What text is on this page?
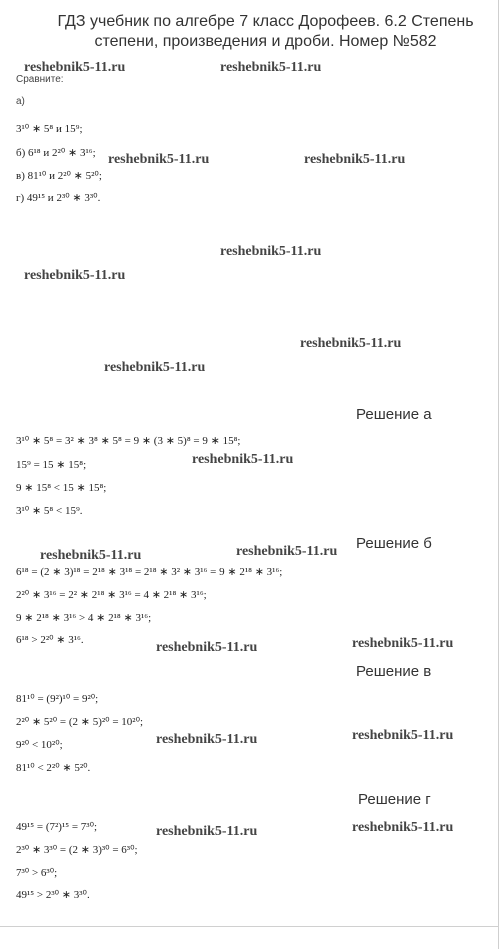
ГДЗ учебник по алгебре 7 класс Дорофеев. 6.2 Степень степени, произведения и дроби. Номер №582
Сравните:
а)
3¹⁰ ∗ 5⁸ и 15⁹;
б) 6¹⁸ и 2²⁰ ∗ 3¹⁶;
в) 81¹⁰ и 2²⁰ ∗ 5²⁰;
г) 49¹⁵ и 2³⁰ ∗ 3³⁰.
Решение а
3¹⁰ ∗ 5⁸ = 3² ∗ 3⁸ ∗ 5⁸ = 9 ∗ (3 ∗ 5)⁸ = 9 ∗ 15⁸;
15⁹ = 15 ∗ 15⁸;
9 ∗ 15⁸ < 15 ∗ 15⁸;
3¹⁰ ∗ 5⁸ < 15⁹.
Решение б
6¹⁸ = (2 ∗ 3)¹⁸ = 2¹⁸ ∗ 3¹⁸ = 2¹⁸ ∗ 3² ∗ 3¹⁶ = 9 ∗ 2¹⁸ ∗ 3¹⁶;
2²⁰ ∗ 3¹⁶ = 2² ∗ 2¹⁸ ∗ 3¹⁶ = 4 ∗ 2¹⁸ ∗ 3¹⁶;
9 ∗ 2¹⁸ ∗ 3¹⁶ > 4 ∗ 2¹⁸ ∗ 3¹⁶;
6¹⁸ > 2²⁰ ∗ 3¹⁶.
Решение в
81¹⁰ = (9²)¹⁰ = 9²⁰;
2²⁰ ∗ 5²⁰ = (2 ∗ 5)²⁰ = 10²⁰;
9²⁰ < 10²⁰;
81¹⁰ < 2²⁰ ∗ 5²⁰.
Решение г
49¹⁵ = (7²)¹⁵ = 7³⁰;
2³⁰ ∗ 3³⁰ = (2 ∗ 3)³⁰ = 6³⁰;
7³⁰ > 6³⁰;
49¹⁵ > 2³⁰ ∗ 3³⁰.
reshebnik5-11.ru	reshebnik5-11.ru
reshebnik5-11.ru	reshebnik5-11.ru
reshebnik5-11.ru
reshebnik5-11.ru
reshebnik5-11.ru
reshebnik5-11.ru
reshebnik5-11.ru
reshebnik5-11.ru	reshebnik5-11.ru
reshebnik5-11.ru	reshebnik5-11.ru
reshebnik5-11.ru	reshebnik5-11.ru
reshebnik5-11.ru	reshebnik5-11.ru
